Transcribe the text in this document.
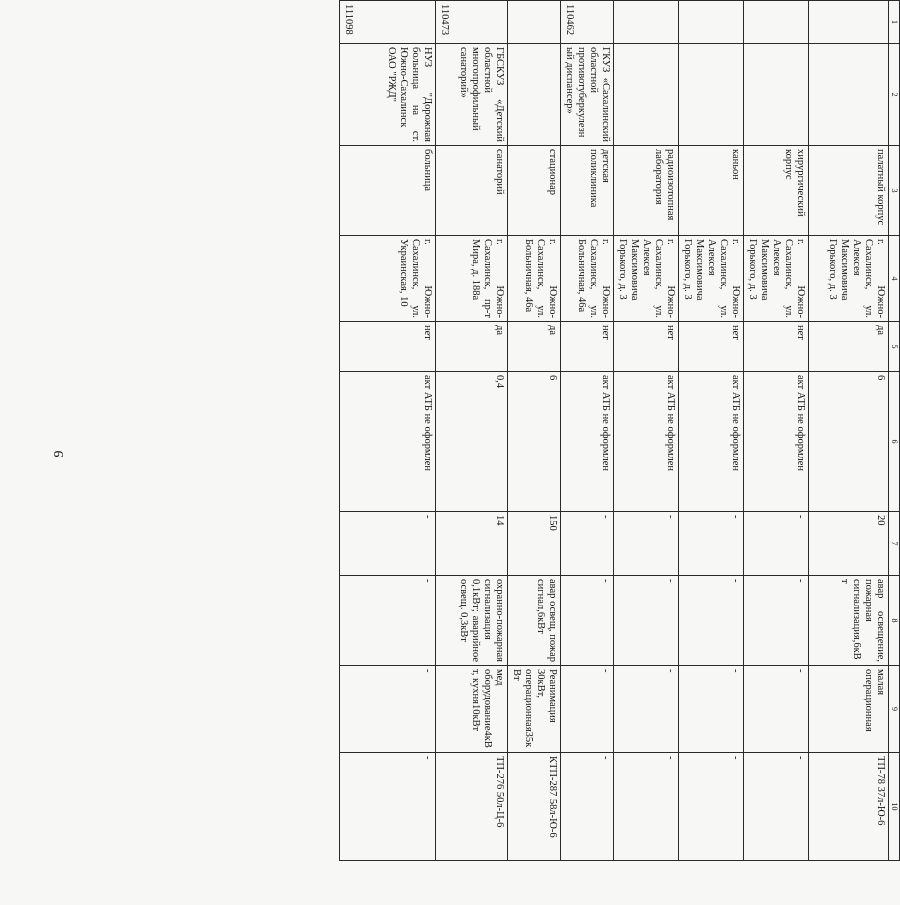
9
1	2	3	4	5	6	7	8	9	10
		палатный корпус	г. Южно-Сахалинск, ул. Алексея Максимовича Горького, д. 3	да	6	20	авар освещение, пожарная сигнализация,6кВт	малая операционная	ТП-78 37л-Ю-6
		хирургический корпус	г. Южно-Сахалинск, ул. Алексея Максимовича Горького, д. 3	нет	акт АТБ не оформлен	-	-	-	-
		каньон	г. Южно-Сахалинск, ул. Алексея Максимовича Горького, д. 3	нет	акт АТБ не оформлен	-	-	-	-
		радиоизотопная лаборатория	г. Южно-Сахалинск, ул. Алексея Максимовича Горького, д. 3	нет	акт АТБ не оформлен	-	-	-	-
110462	ГКУЗ «Сахалинский областной противотуберкулезный диспансер»	детская поликлиника	г. Южно-Сахалинск, ул. Больничная, 46а	нет	акт АТБ не оформлен	-	-	-	-
		стационар	г. Южно-Сахалинск, ул. Больничная, 46а	да	6	150	авар освещ, пожар сигнал,6кВт	Реанимация 30кВт, операционная35кВт	КТП-287 58л-Ю-6
110473	ГБСКУЗ «Детский областной многопрофильный санаторий»	санаторий	г. Южно-Сахалинск, пр-т Мира, д. 188а	да	0,4	14	охранно-пожарная сигнализация 0,1кВт; аварийное освещ. 0,3кВт	мед оборудование4кВт, кухня10кВт	ТП-276 50л-Ц-6
111098	НУЗ "Дорожная больница на ст. Южно-Сахалинск ОАО "РЖД"	больница	г. Южно-Сахалинск, ул. Украинская, 10	нет	акт АТБ не оформлен	-	-	-	-
